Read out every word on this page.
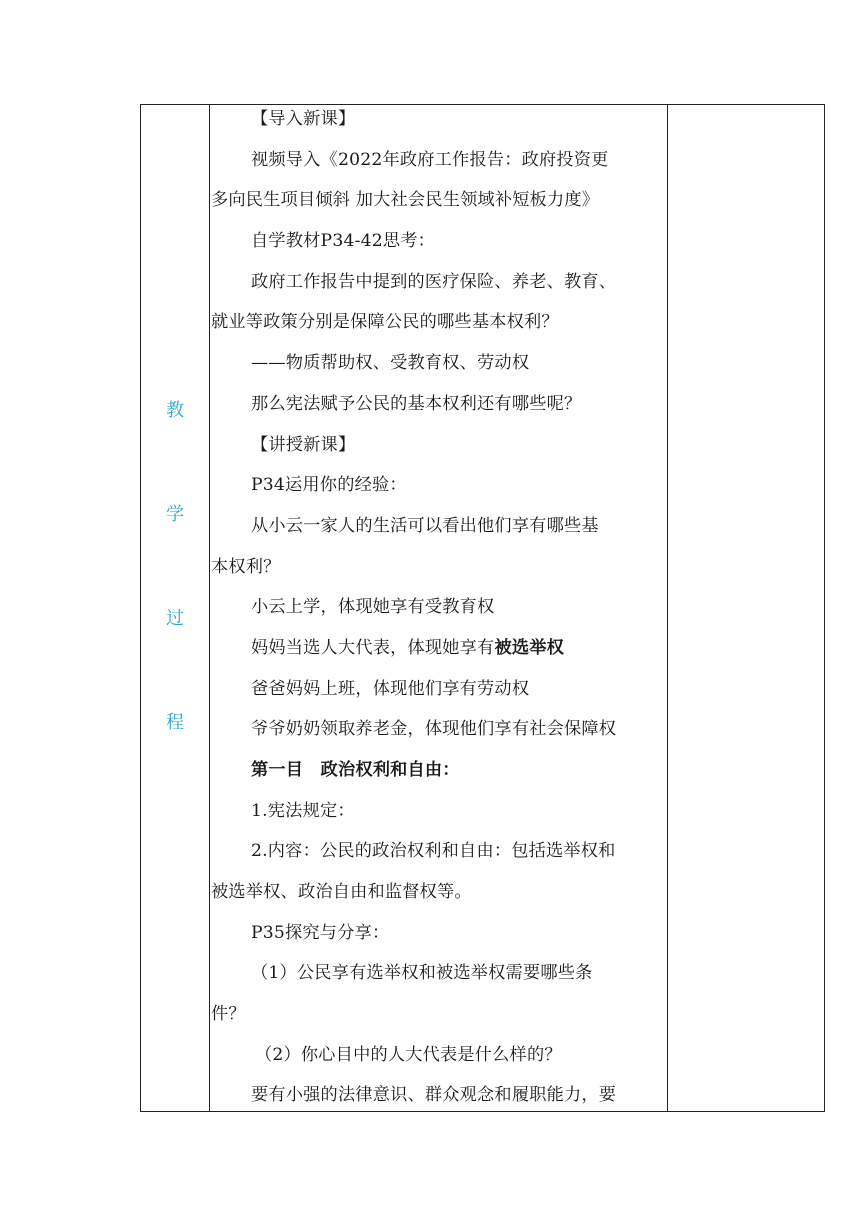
教
学
过
程
【导入新课】
视频导入《2022年政府工作报告：政府投资更
多向民生项目倾斜 加大社会民生领域补短板力度》
自学教材P34-42思考：
政府工作报告中提到的医疗保险、养老、教育、
就业等政策分别是保障公民的哪些基本权利？
——物质帮助权、受教育权、劳动权
那么宪法赋予公民的基本权利还有哪些呢？
【讲授新课】
P34运用你的经验：
从小云一家人的生活可以看出他们享有哪些基
本权利？
小云上学，体现她享有受教育权
妈妈当选人大代表，体现她享有被选举权
爸爸妈妈上班，体现他们享有劳动权
爷爷奶奶领取养老金，体现他们享有社会保障权
第一目　政治权利和自由：
1.宪法规定：
2.内容：公民的政治权利和自由：包括选举权和
被选举权、政治自由和监督权等。
P35探究与分享：
（1）公民享有选举权和被选举权需要哪些条
件？
（2）你心目中的人大代表是什么样的？
要有小强的法律意识、群众观念和履职能力，要
